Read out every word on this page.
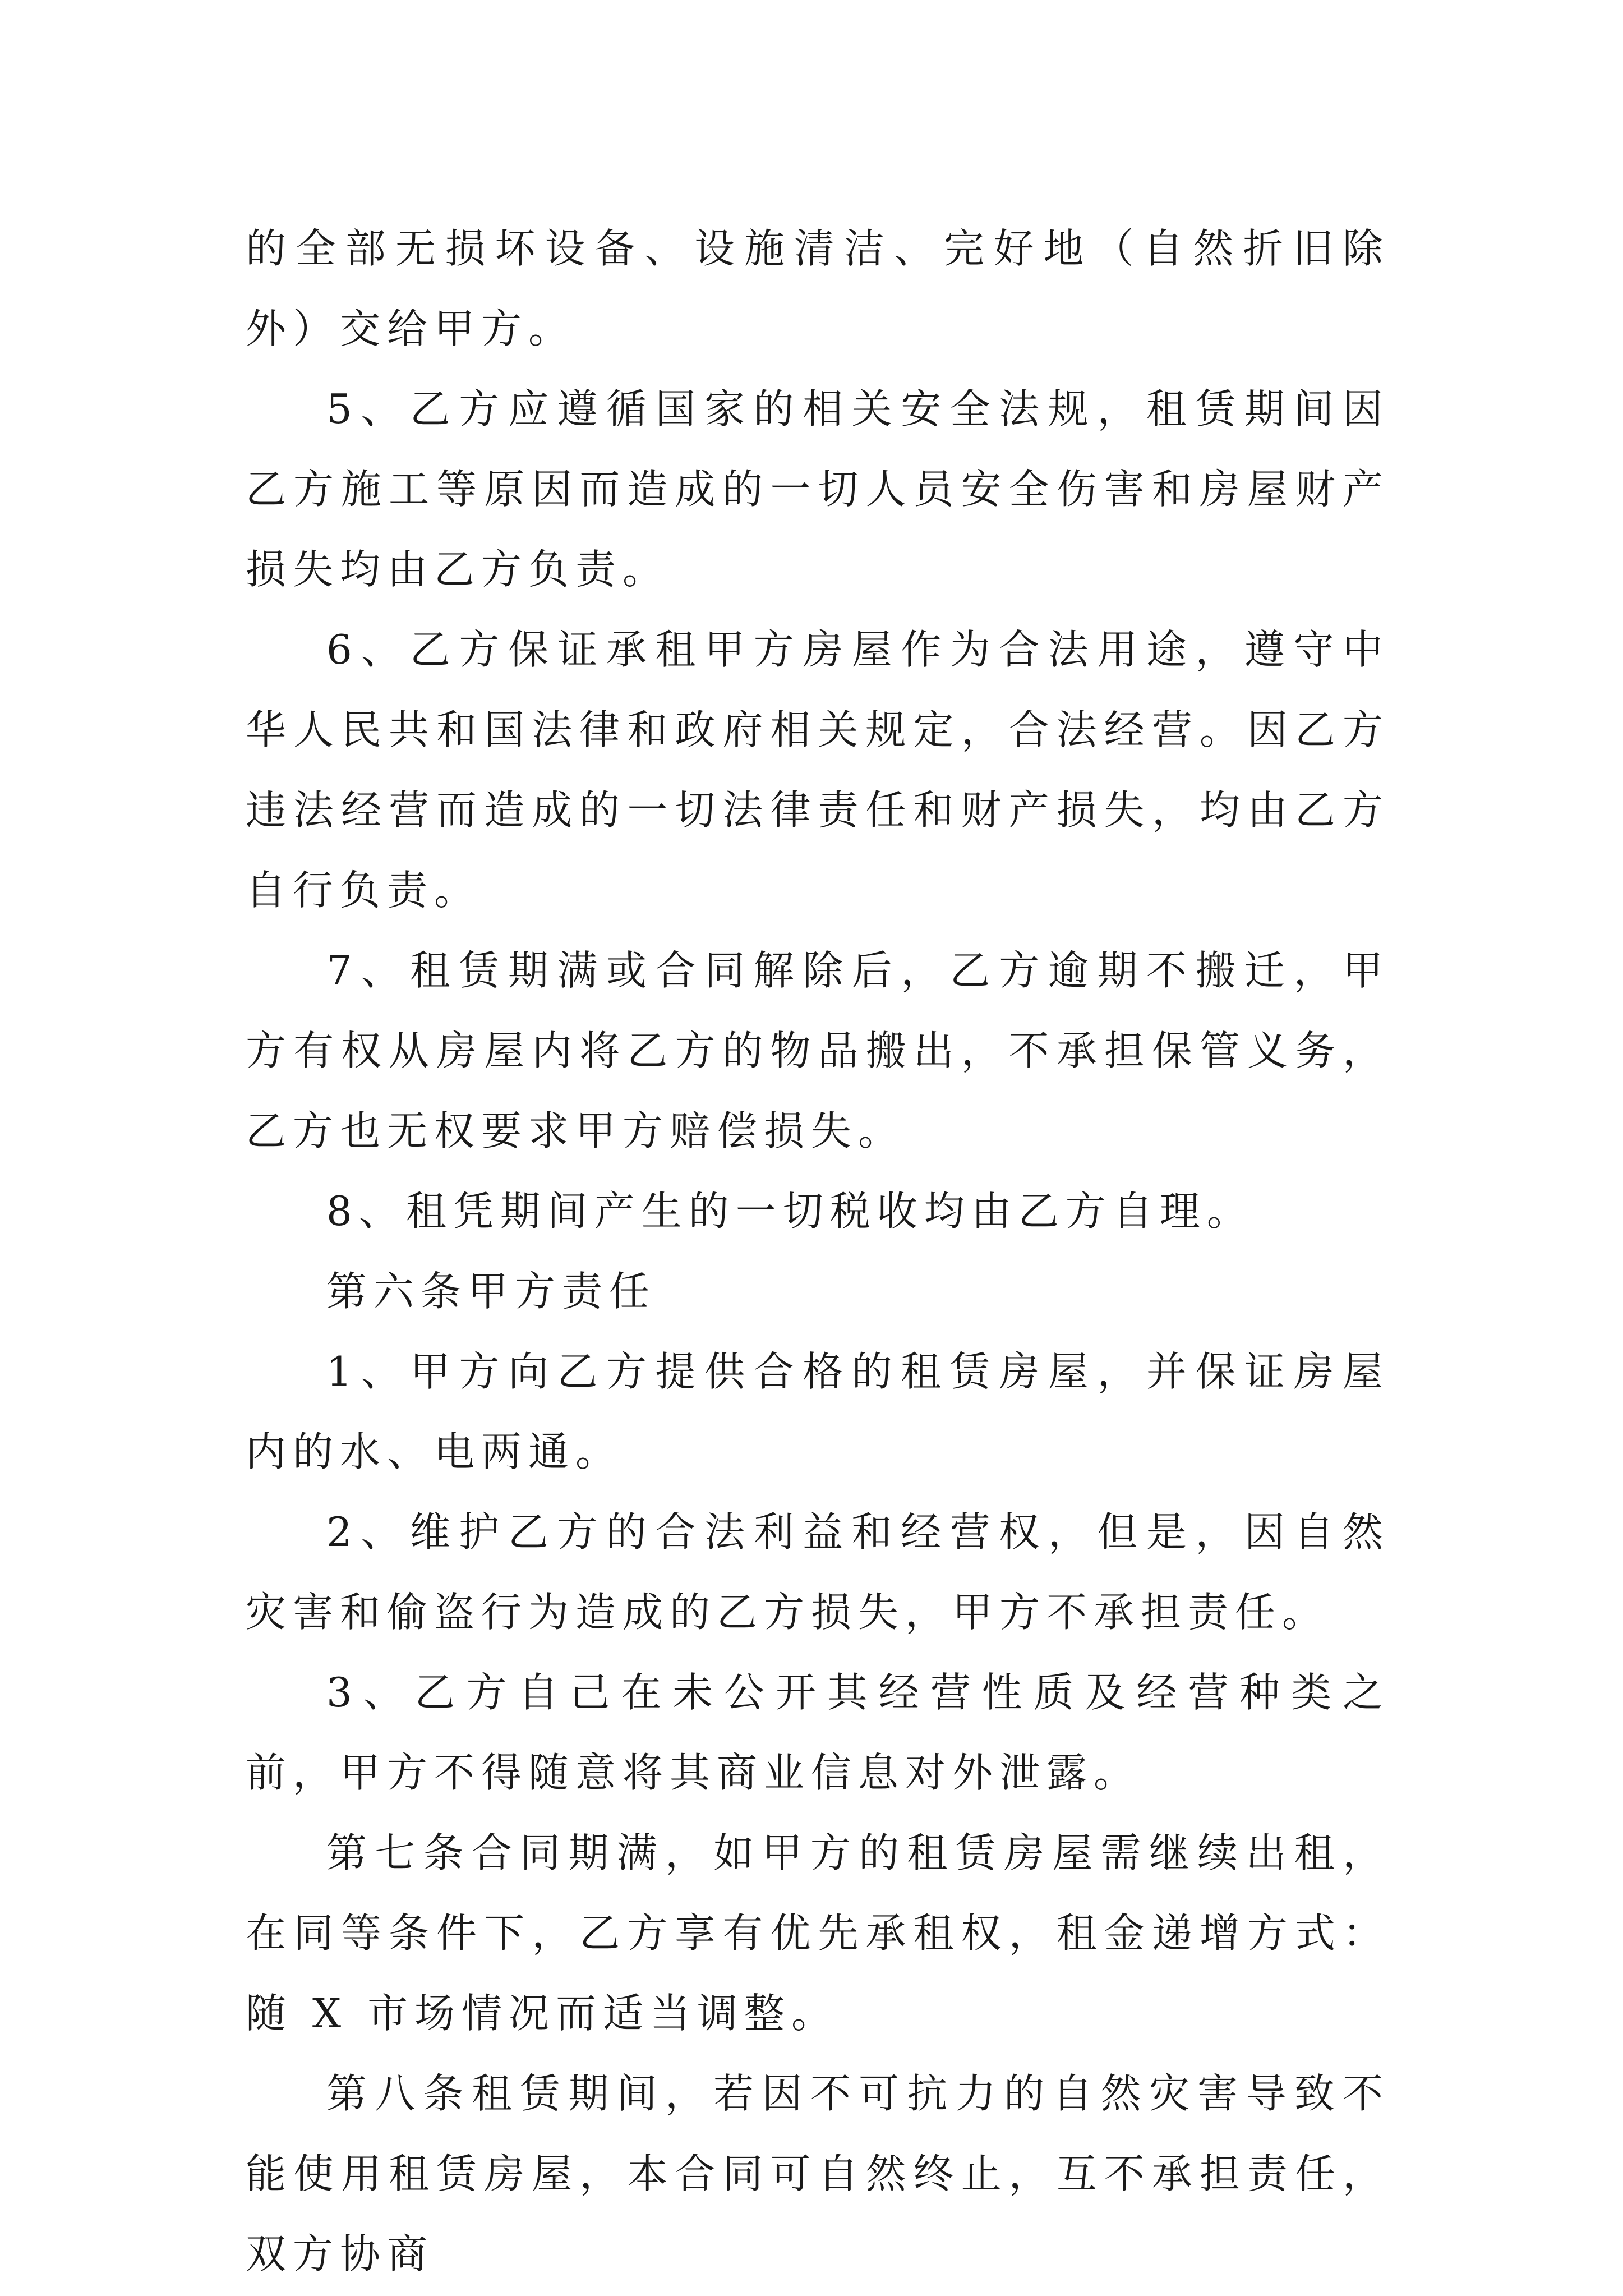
的全部无损坏设备、设施清洁、完好地（自然折旧除外）交给甲方。

5、乙方应遵循国家的相关安全法规，租赁期间因乙方施工等原因而造成的一切人员安全伤害和房屋财产损失均由乙方负责。

6、乙方保证承租甲方房屋作为合法用途，遵守中华人民共和国法律和政府相关规定，合法经营。因乙方违法经营而造成的一切法律责任和财产损失，均由乙方自行负责。

7、租赁期满或合同解除后，乙方逾期不搬迁，甲方有权从房屋内将乙方的物品搬出，不承担保管义务，乙方也无权要求甲方赔偿损失。

8、租凭期间产生的一切税收均由乙方自理。

第六条甲方责任

1、甲方向乙方提供合格的租赁房屋，并保证房屋内的水、电两通。

2、维护乙方的合法利益和经营权，但是，因自然灾害和偷盗行为造成的乙方损失，甲方不承担责任。

3、乙方自己在未公开其经营性质及经营种类之前，甲方不得随意将其商业信息对外泄露。

第七条合同期满，如甲方的租赁房屋需继续出租，在同等条件下，乙方享有优先承租权，租金递增方式：随 X 市场情况而适当调整。

第八条租赁期间，若因不可抗力的自然灾害导致不能使用租赁房屋，本合同可自然终止，互不承担责任，双方协商
